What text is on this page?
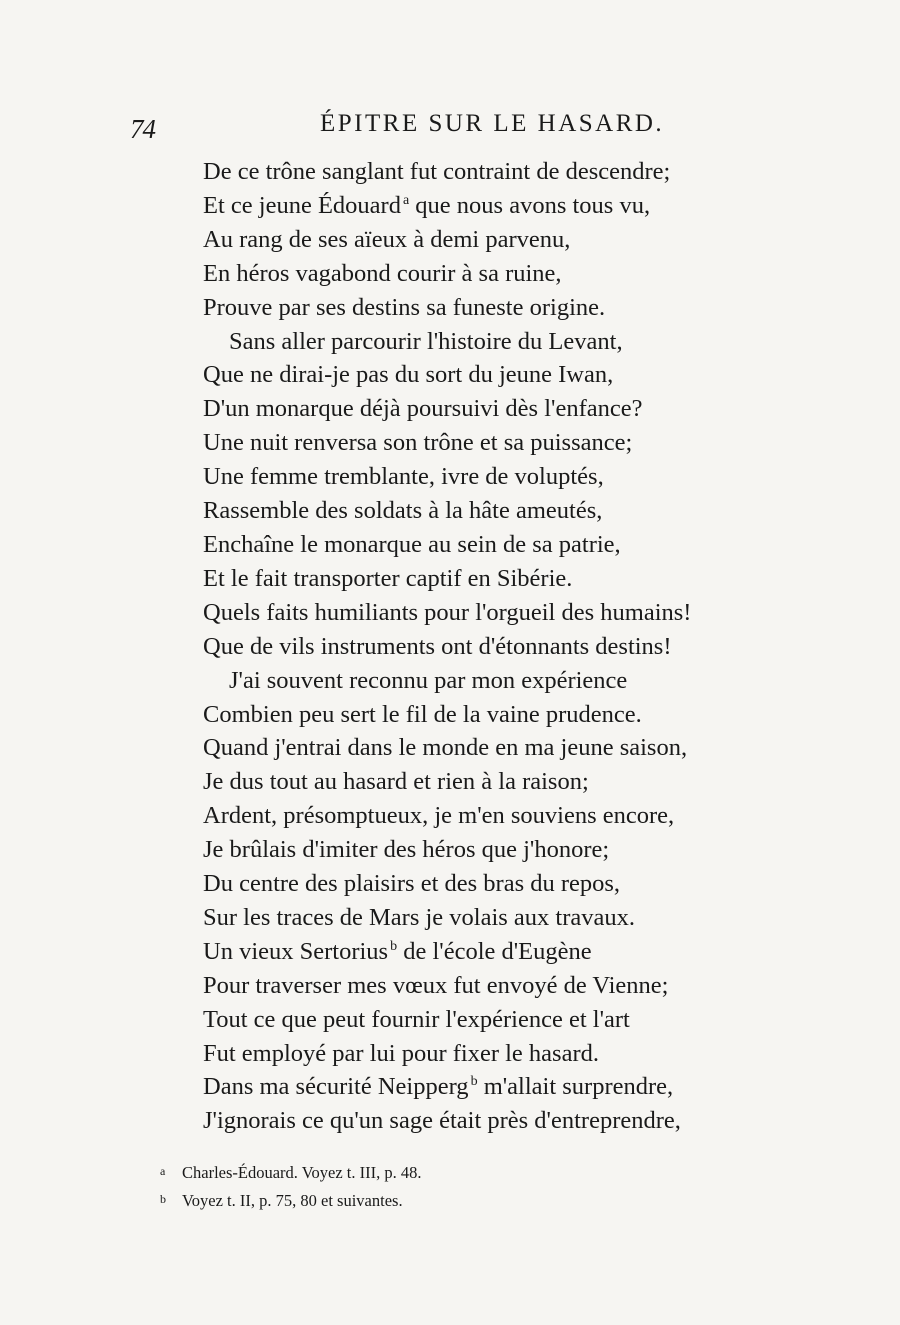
74	ÉPITRE SUR LE HASARD.
De ce trône sanglant fut contraint de descendre;
Et ce jeune Édouard $^a$ que nous avons tous vu,
Au rang de ses aïeux à demi parvenu,
En héros vagabond courir à sa ruine,
Prouve par ses destins sa funeste origine.
Sans aller parcourir l'histoire du Levant,
Que ne dirai-je pas du sort du jeune Iwan,
D'un monarque déjà poursuivi dès l'enfance?
Une nuit renversa son trône et sa puissance;
Une femme tremblante, ivre de voluptés,
Rassemble des soldats à la hâte ameutés,
Enchaîne le monarque au sein de sa patrie,
Et le fait transporter captif en Sibérie.
Quels faits humiliants pour l'orgueil des humains!
Que de vils instruments ont d'étonnants destins!
J'ai souvent reconnu par mon expérience
Combien peu sert le fil de la vaine prudence.
Quand j'entrai dans le monde en ma jeune saison,
Je dus tout au hasard et rien à la raison;
Ardent, présomptueux, je m'en souviens encore,
Je brûlais d'imiter des héros que j'honore;
Du centre des plaisirs et des bras du repos,
Sur les traces de Mars je volais aux travaux.
Un vieux Sertorius $^b$ de l'école d'Eugène
Pour traverser mes vœux fut envoyé de Vienne;
Tout ce que peut fournir l'expérience et l'art
Fut employé par lui pour fixer le hasard.
Dans ma sécurité Neipperg $^b$ m'allait surprendre,
J'ignorais ce qu'un sage était près d'entreprendre,
a Charles-Édouard. Voyez t. III, p. 48.
b Voyez t. II, p. 75, 80 et suivantes.
